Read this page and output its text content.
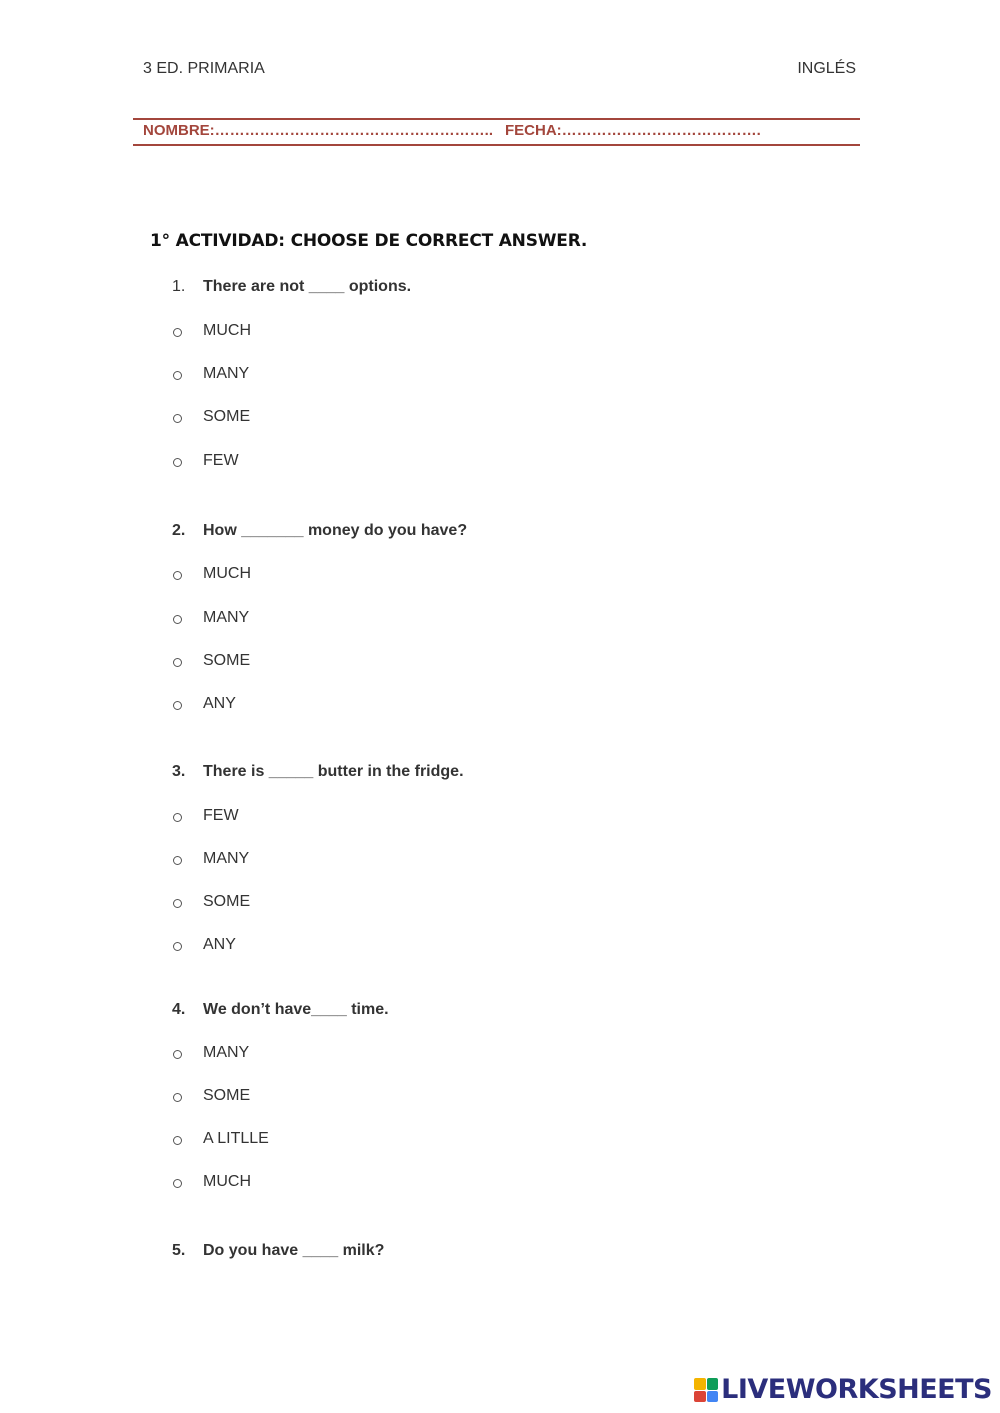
3 ED. PRIMARIA	INGLÉS
NOMBRE:……………………………………………….. FECHA:………………………………….
1° ACTIVIDAD: CHOOSE DE CORRECT ANSWER.
1. There are not ____ options.
MUCH
MANY
SOME
FEW
2. How _______ money do you have?
MUCH
MANY
SOME
ANY
3. There is _____ butter in the fridge.
FEW
MANY
SOME
ANY
4. We don’t have____ time.
MANY
SOME
A LITLLE
MUCH
5. Do you have ____ milk?
LIVEWORKSHEETS
